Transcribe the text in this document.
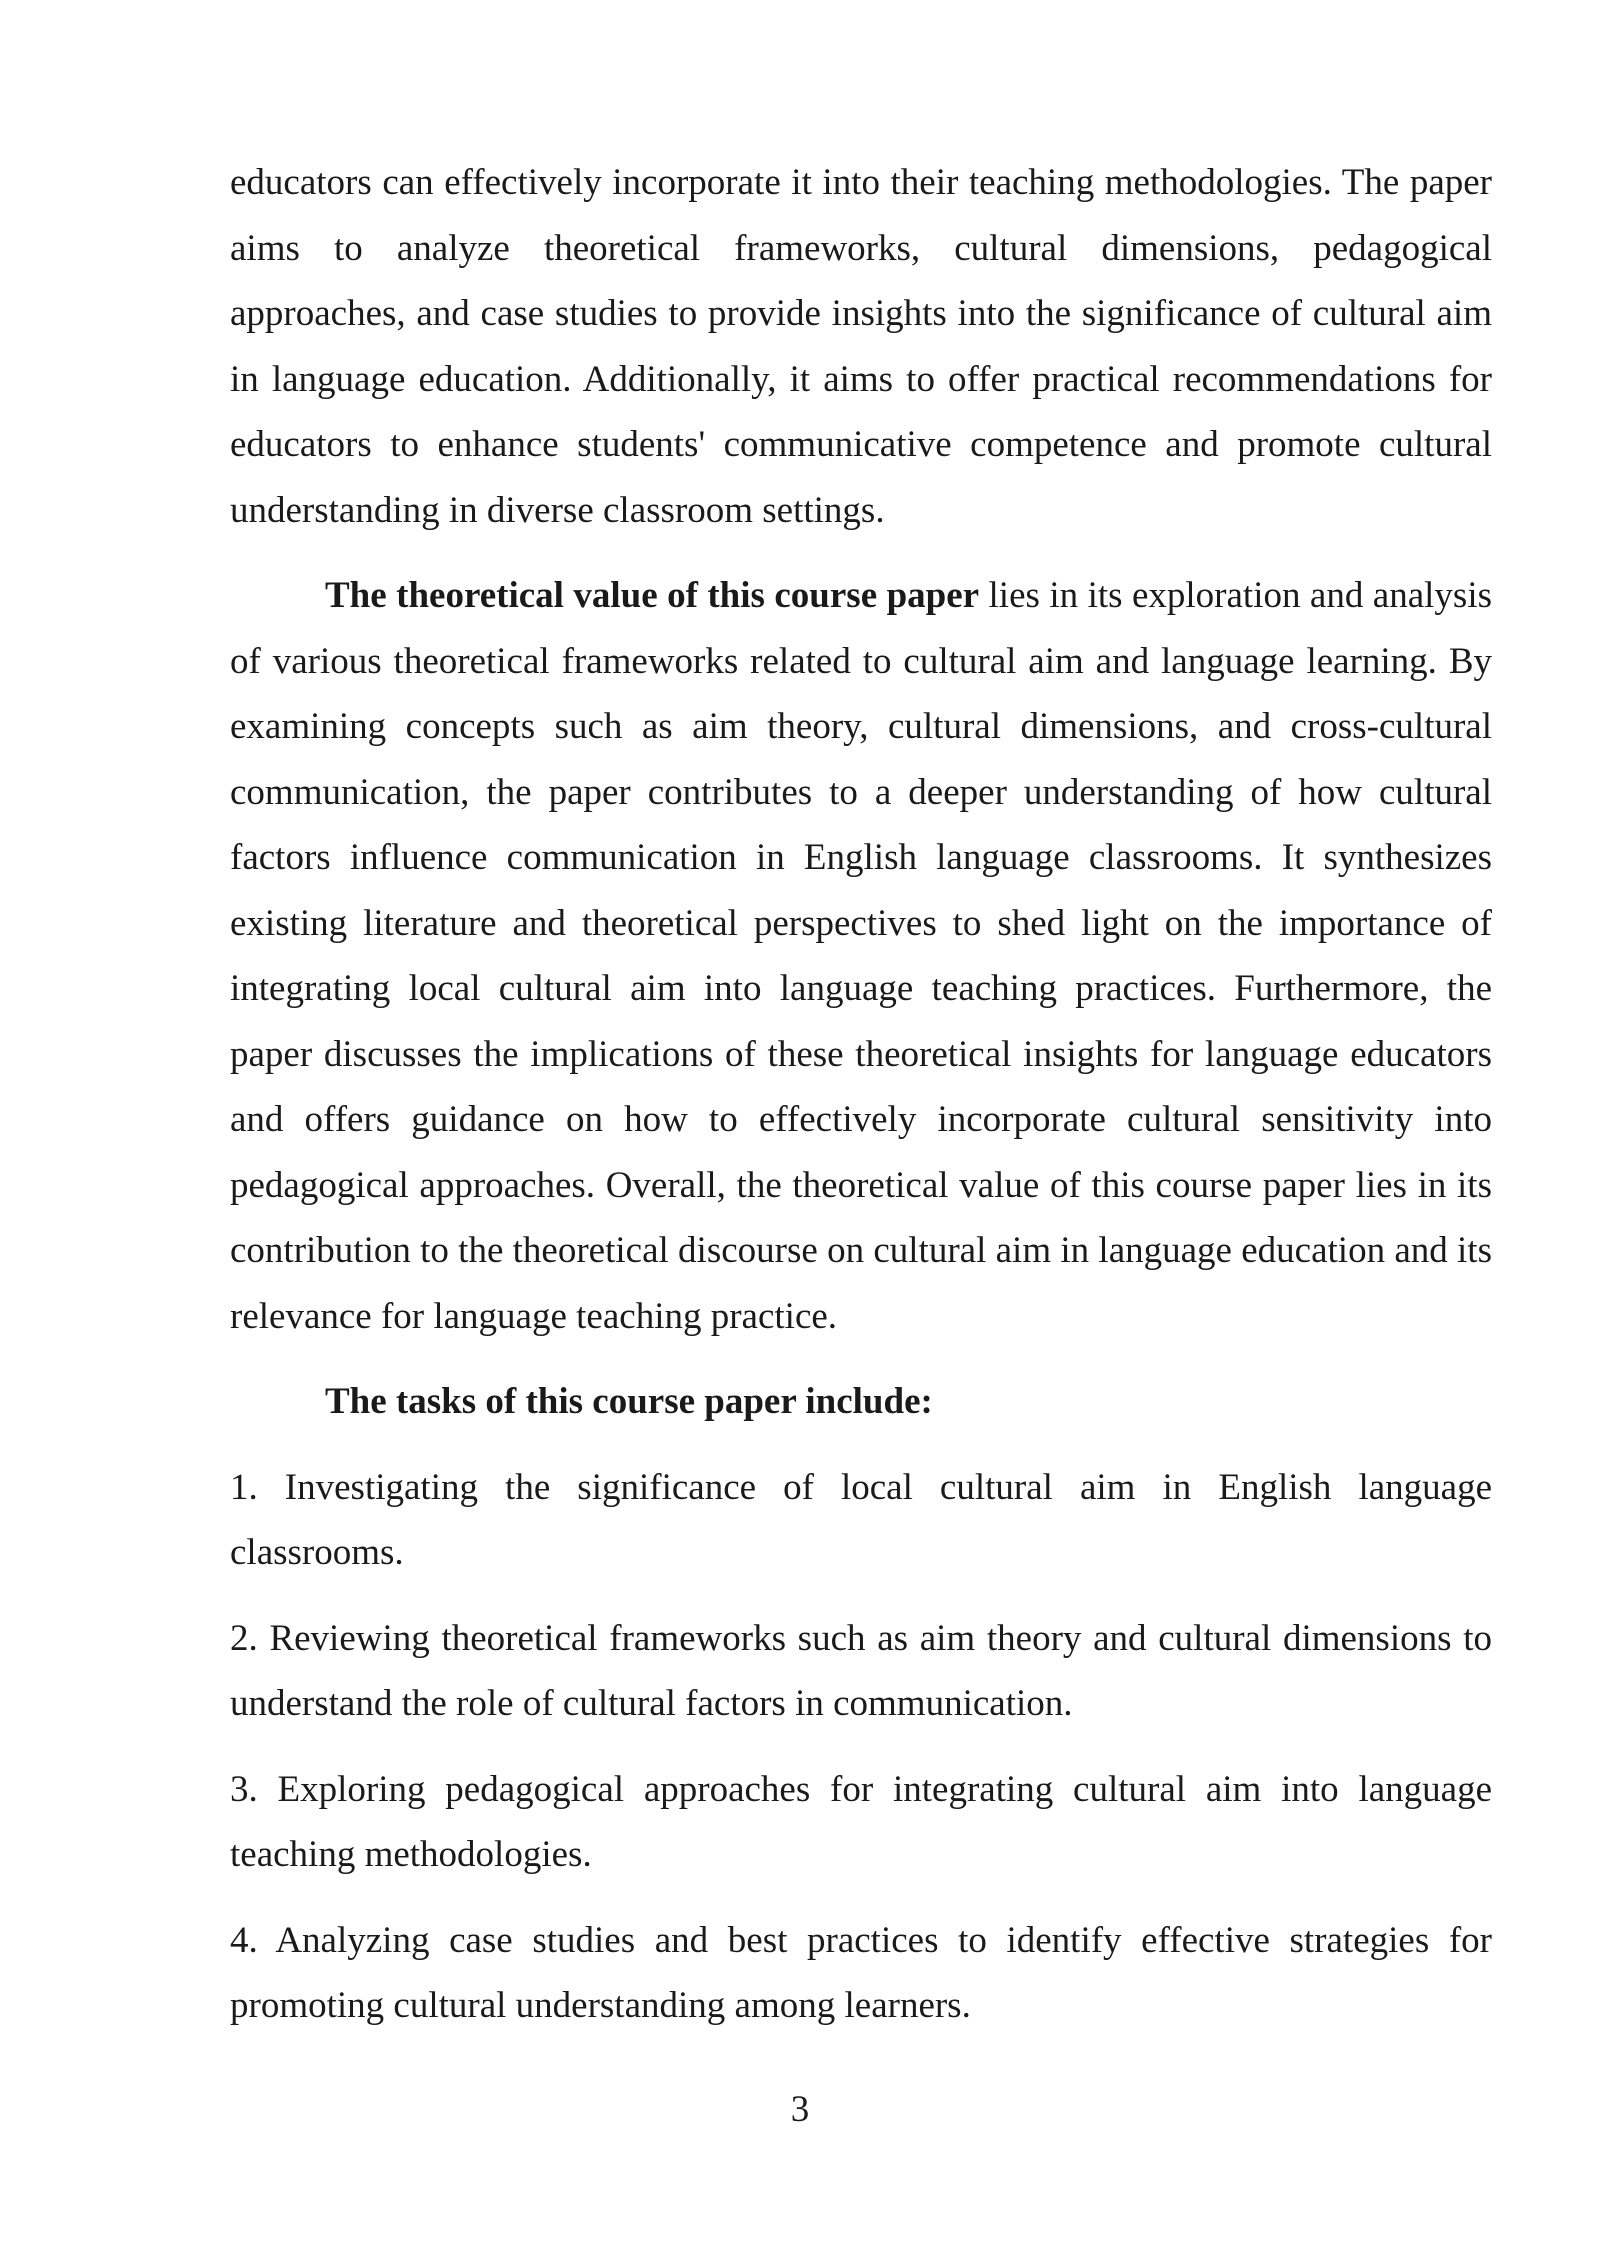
educators can effectively incorporate it into their teaching methodologies. The paper aims to analyze theoretical frameworks, cultural dimensions, pedagogical approaches, and case studies to provide insights into the significance of cultural aim in language education. Additionally, it aims to offer practical recommendations for educators to enhance students' communicative competence and promote cultural understanding in diverse classroom settings.

The theoretical value of this course paper lies in its exploration and analysis of various theoretical frameworks related to cultural aim and language learning. By examining concepts such as aim theory, cultural dimensions, and cross-cultural communication, the paper contributes to a deeper understanding of how cultural factors influence communication in English language classrooms. It synthesizes existing literature and theoretical perspectives to shed light on the importance of integrating local cultural aim into language teaching practices. Furthermore, the paper discusses the implications of these theoretical insights for language educators and offers guidance on how to effectively incorporate cultural sensitivity into pedagogical approaches. Overall, the theoretical value of this course paper lies in its contribution to the theoretical discourse on cultural aim in language education and its relevance for language teaching practice.

The tasks of this course paper include:

1. Investigating the significance of local cultural aim in English language classrooms.

2. Reviewing theoretical frameworks such as aim theory and cultural dimensions to understand the role of cultural factors in communication.

3. Exploring pedagogical approaches for integrating cultural aim into language teaching methodologies.

4. Analyzing case studies and best practices to identify effective strategies for promoting cultural understanding among learners.

3
